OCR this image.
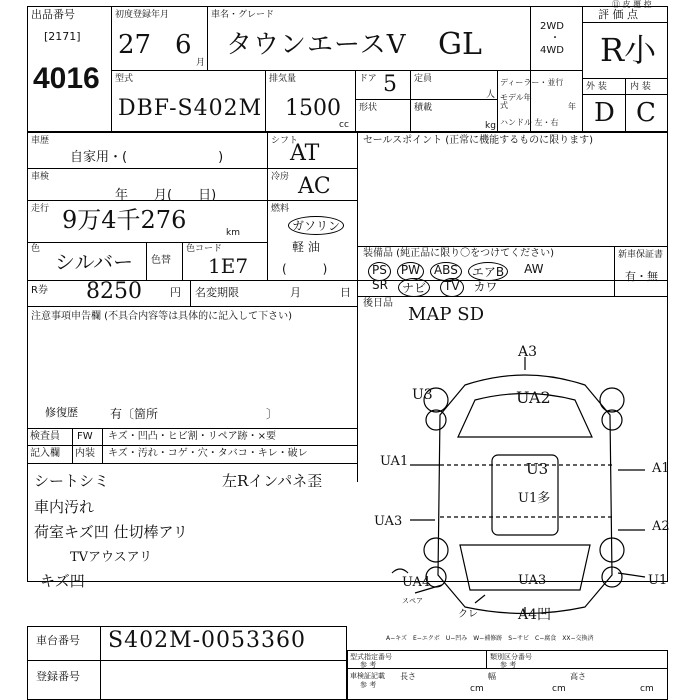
出品番号
[2171]
4016
初度登録年月
27 6
月
車名・グレード
タウンエースV GL
2WD
・
4WD
⑪ 皮 覆 控
評 価 点
R小
外 装	内 装
D C
型式
DBF-S402M
排気量
1500
cc
ドア 5
形状
定員
人
積載
kg
ディーラー・並行
モデル年式	年
ハンドル 左・右
車歴
自家用・(　　　　　　　)
シフト
AT
車検
年　　月(　　日)
冷房 AC
走行 9万4千276	km
燃料
ガソリン
軽 油
(　　　)
色
シルバー 色替
色コード
1E7
R券 8250	円 名変期限	月	日
注意事項申告欄 (不具合内容等は具体的に記入して下さい)
修復歴	有〔箇所　　　　　　　　　〕
セールスポイント (正常に機能するものに限ります)
装備品 (純正品に限り〇をつけてください)	新車保証書
有・無
PS	PW	ABS	エアB	AW
SR	ナビ	TV	カワ
後日品
MAP SD
検査員
記入欄
FW
内装
キズ・凹凸・ヒビ割・リペア跡・×要
キズ・汚れ・コゲ・穴・タバコ・キレ・破レ
シートシミ	左Rインパネ歪
車内汚れ
荷室キズ凹 仕切棒アリ
TVアウスアリ
キズ凹
A3
UA2
U3
U3
UA1	A1
U1多
UA3	A2
UA4	UA3	U1
A4凹
クレ
スペア
A−キズ　E−エクボ　U−凹み　W−補修跡　S−サビ　C−腐食　XX−交換済
車台番号 S402M-0053360
登録番号
型式指定番号
参 考
類別区分番号
参 考
車検証記載
参 考
長さ	幅	高さ
cm	cm	cm
